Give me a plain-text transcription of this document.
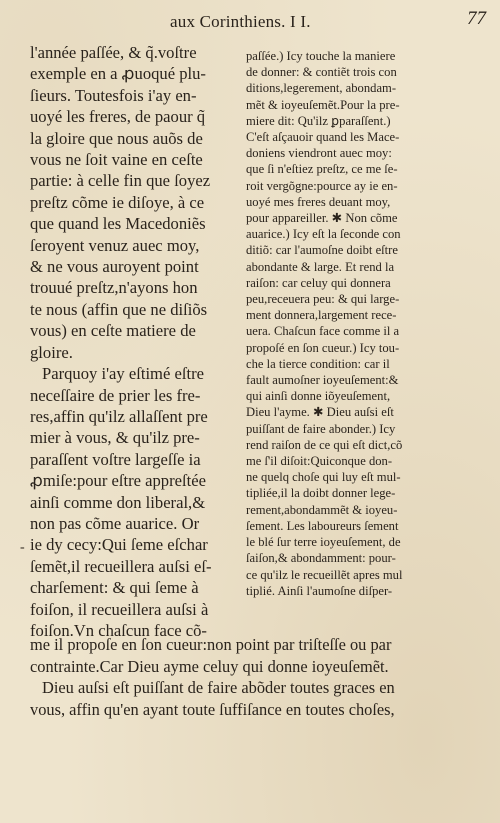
aux Corinthiens. I I.	77
-
l'année paſſée, & q̃.voſtre
exemple en a ꝓuoqué plu-
ſieurs. Toutesfois i'ay en-
uoyé les freres, de paour q̃
la gloire que nous auõs de
vous ne ſoit vaine en ceſte
partie: à celle fin que ſoyez
preſtz cõme ie diſoye, à ce
que quand les Macedoniẽs
ſeroyent venuz auec moy,
& ne vous auroyent point
trouué preſtz,n'ayons hon
te nous (affin que ne diſiõs
vous) en ceſte matiere de
gloire.
Parquoy i'ay eſtimé eſtre
neceſſaire de prier les fre-
res,affin qu'ilz allaſſent pre
mier à vous, & qu'ilz pre-
paraſſent voſtre largeſſe ia
ꝓmiſe:pour eſtre appreſtée
ainſi comme don liberal,&
non pas cõme auarice. Or
ie dy cecy:Qui ſeme eſchar
ſemẽt,il recueillera auſsi eſ-
charſement: & qui ſeme à
foiſon, il recueillera auſsi à
foiſon.Vn chaſcun face cõ-
paſſée.) Icy touche la maniere
de donner: & contiẽt trois con
ditions,legerement, abondam-
mẽt & ioyeuſemẽt.Pour la pre-
miere dit: Qu'ilz ꝑparaſſent.)
C'eſt aſçauoir quand les Mace-
doniens viendront auec moy:
que ſi n'eſtiez preſtz, ce me ſe-
roit vergõgne:pource ay ie en-
uoyé mes freres deuant moy,
pour appareiller. ✱ Non cõme
auarice.) Icy eſt la ſeconde con
ditiõ: car l'aumoſne doibt eſtre
abondante & large. Et rend la
raiſon: car celuy qui donnera
peu,receuera peu: & qui large-
ment donnera,largement rece-
uera. Chaſcun face comme il a
propoſé en ſon cueur.) Icy tou-
che la tierce condition: car il
fault aumoſner ioyeuſement:&
qui ainſi donne iõyeuſement,
Dieu l'ayme. ✱ Dieu auſsi eſt
puiſſant de faire abonder.) Icy
rend raiſon de ce qui eſt dict,cõ
me ſ'il diſoit:Quiconque don-
ne quelq choſe qui luy eſt mul-
tipliée,il la doibt donner lege-
rement,abondammẽt & ioyeu-
ſement. Les laboureurs ſement
le blé ſur terre ioyeuſement, de
ſaiſon,& abondamment: pour-
ce qu'ilz le recueillẽt apres mul
tiplié. Ainſi l'aumoſne diſper-
me il propoſe en ſon cueur:non point par triſteſſe ou par
contrainte.Car Dieu ayme celuy qui donne ioyeuſemẽt.
Dieu auſsi eſt puiſſant de faire abõder toutes graces en
vous, affin qu'en ayant toute ſuffiſance en toutes choſes,
